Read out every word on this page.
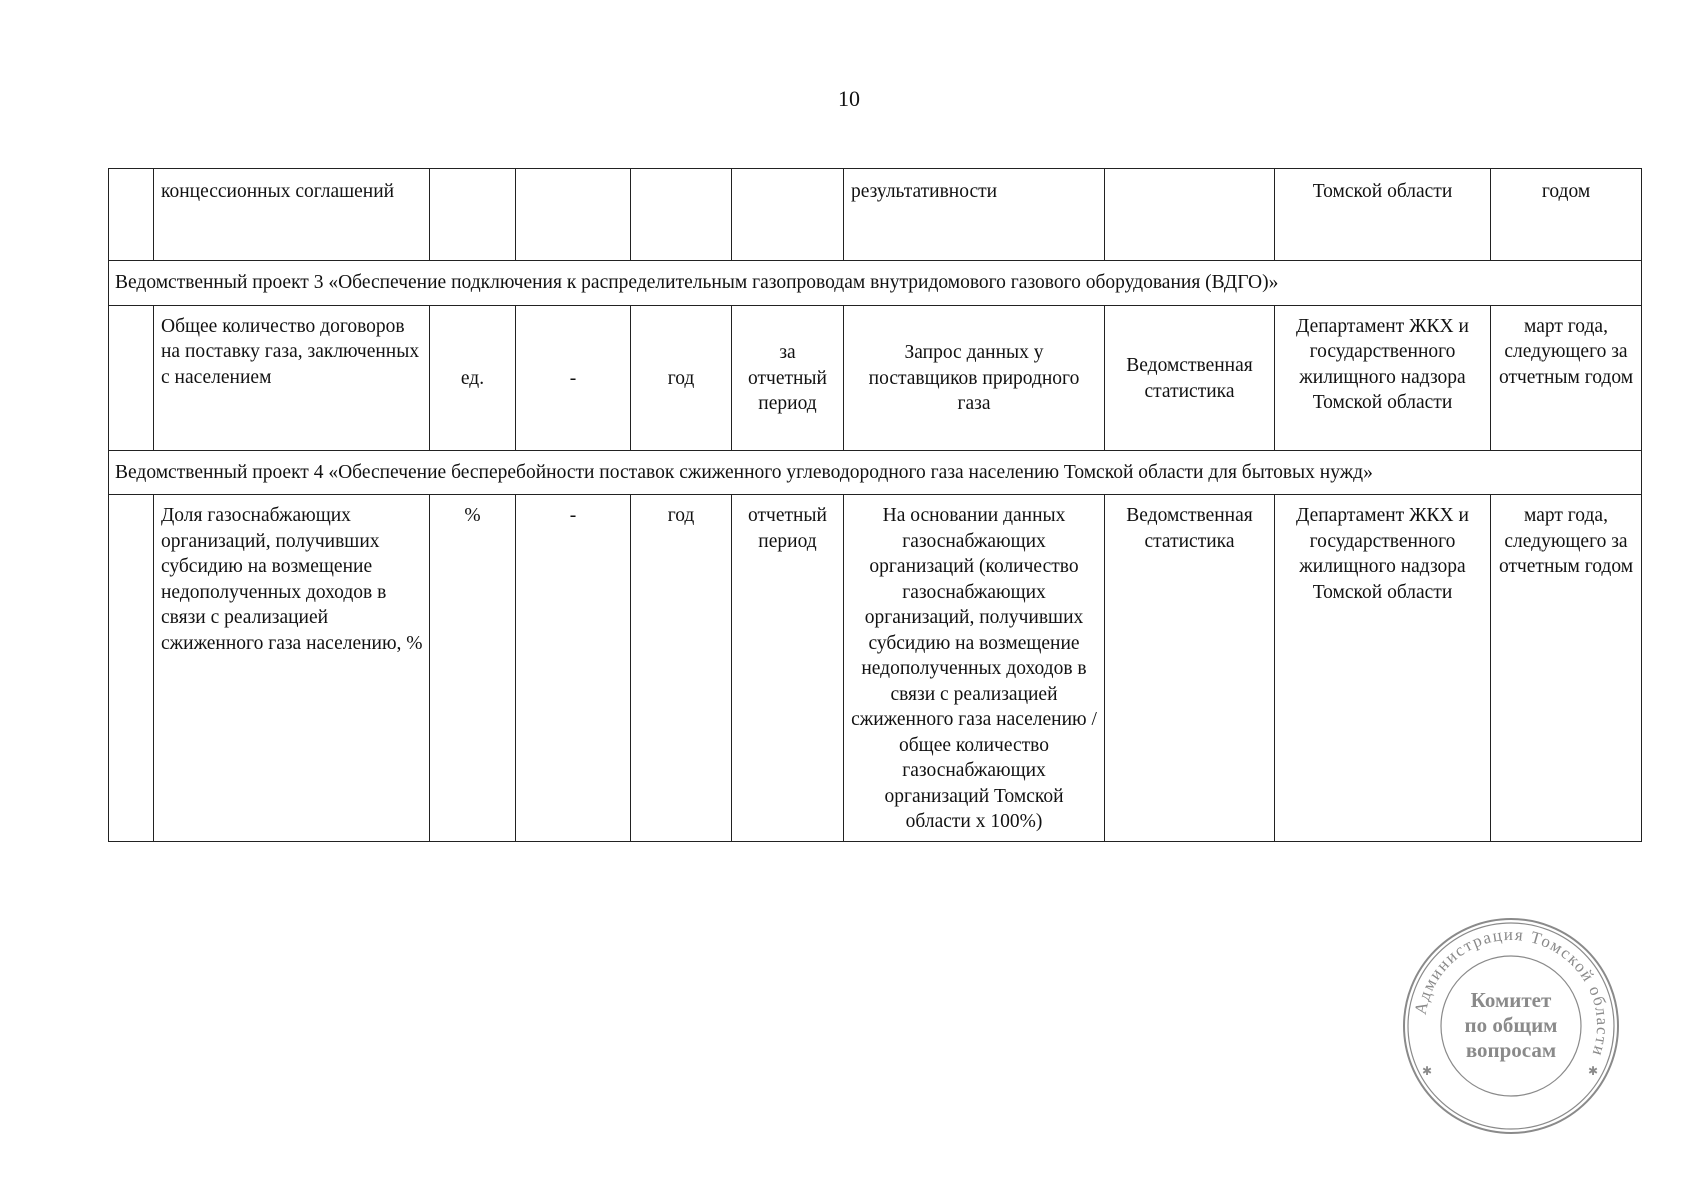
10
	концессионных соглашений					результативности		Томской области	годом
Ведомственный проект 3 «Обеспечение подключения к распределительным газопроводам внутридомового газового оборудования (ВДГО)»									
	Общее количество договоров на поставку газа, заключенных с населением	ед.	-	год	за отчетный период	Запрос данных у поставщиков природного газа	Ведомственная статистика	Департамент ЖКХ и государственного жилищного надзора Томской области	март года, следующего за отчетным годом
Ведомственный проект 4 «Обеспечение бесперебойности поставок сжиженного углеводородного газа населению Томской области для бытовых нужд»									
	Доля газоснабжающих организаций, получивших субсидию на возмещение недополученных доходов в связи с реализацией сжиженного газа населению, %	%	-	год	отчетный период	На основании данных газоснабжающих организаций (количество газоснабжающих организаций, получивших субсидию на возмещение недополученных доходов в связи с реализацией сжиженного газа населению / общее количество газоснабжающих организаций Томской области х 100%)	Ведомственная статистика	Департамент ЖКХ и государственного жилищного надзора Томской области	март года, следующего за отчетным годом
Администрация Томской области
Комитет
по общим
вопросам
✱	✱
